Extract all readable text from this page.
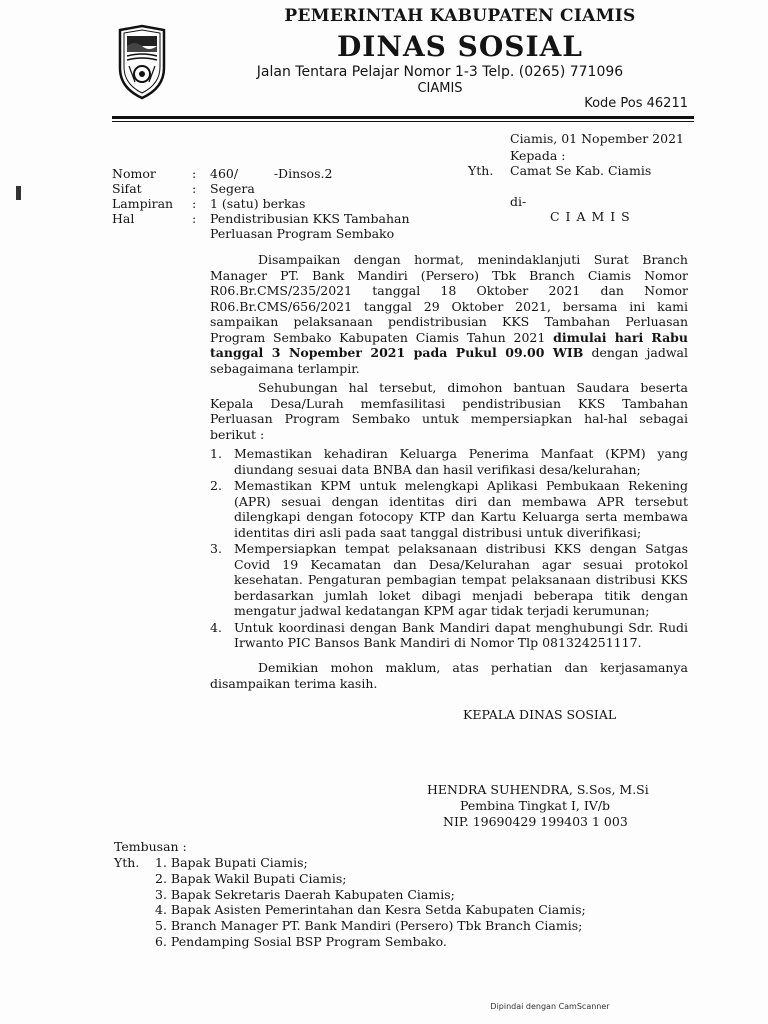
PEMERINTAH KABUPATEN CIAMIS
DINAS SOSIAL
Jalan Tentara Pelajar Nomor 1-3 Telp. (0265) 771096
CIAMIS
Kode Pos 46211
Ciamis, 01 Nopember 2021
Kepada :
Yth. Camat Se Kab. Ciamis
di-
C I A M I S
Nomor	: 460/         -Dinsos.2
Sifat	: Segera
Lampiran : 1 (satu) berkas
Hal	: Pendistribusian KKS Tambahan
Perluasan Program Sembako
Disampaikan dengan hormat, menindaklanjuti Surat Branch Manager PT. Bank Mandiri (Persero) Tbk Branch Ciamis Nomor R06.Br.CMS/235/2021 tanggal 18 Oktober 2021 dan Nomor R06.Br.CMS/656/2021 tanggal 29 Oktober 2021, bersama ini kami sampaikan pelaksanaan pendistribusian KKS Tambahan Perluasan Program Sembako Kabupaten Ciamis Tahun 2021 dimulai hari Rabu tanggal 3 Nopember 2021 pada Pukul 09.00 WIB dengan jadwal sebagaimana terlampir.
Sehubungan hal tersebut, dimohon bantuan Saudara beserta Kepala Desa/Lurah memfasilitasi pendistribusian KKS Tambahan Perluasan Program Sembako untuk mempersiapkan hal-hal sebagai berikut :
1. Memastikan kehadiran Keluarga Penerima Manfaat (KPM) yang diundang sesuai data BNBA dan hasil verifikasi desa/kelurahan;
2. Memastikan KPM untuk melengkapi Aplikasi Pembukaan Rekening (APR) sesuai dengan identitas diri dan membawa APR tersebut dilengkapi dengan fotocopy KTP dan Kartu Keluarga serta membawa identitas diri asli pada saat tanggal distribusi untuk diverifikasi;
3. Mempersiapkan tempat pelaksanaan distribusi KKS dengan Satgas Covid 19 Kecamatan dan Desa/Kelurahan agar sesuai protokol kesehatan. Pengaturan pembagian tempat pelaksanaan distribusi KKS berdasarkan jumlah loket dibagi menjadi beberapa titik dengan mengatur jadwal kedatangan KPM agar tidak terjadi kerumunan;
4. Untuk koordinasi dengan Bank Mandiri dapat menghubungi Sdr. Rudi Irwanto PIC Bansos Bank Mandiri di Nomor Tlp 081324251117.
Demikian mohon maklum, atas perhatian dan kerjasamanya disampaikan terima kasih.
KEPALA DINAS SOSIAL
HENDRA SUHENDRA, S.Sos, M.Si
Pembina Tingkat I, IV/b
NIP. 19690429 199403 1 003
Tembusan :
Yth. 1. Bapak Bupati Ciamis;
2. Bapak Wakil Bupati Ciamis;
3. Bapak Sekretaris Daerah Kabupaten Ciamis;
4. Bapak Asisten Pemerintahan dan Kesra Setda Kabupaten Ciamis;
5. Branch Manager PT. Bank Mandiri (Persero) Tbk Branch Ciamis;
6. Pendamping Sosial BSP Program Sembako.
Dipindai dengan CamScanner
